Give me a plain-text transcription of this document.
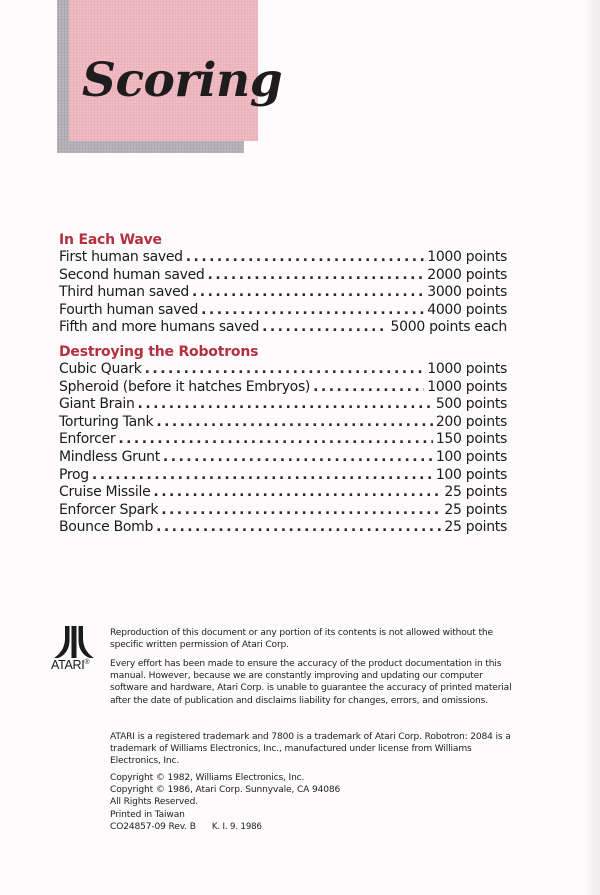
Scoring
In Each Wave
First human saved . . .	1000 points
Second human saved . . .	2000 points
Third human saved . . .	3000 points
Fourth human saved . . .	4000 points
Fifth and more humans saved . . .	5000 points each
Destroying the Robotrons
Cubic Quark . . .	1000 points
Spheroid (before it hatches Embryos) . . .	1000 points
Giant Brain . . .	500 points
Torturing Tank . . .	200 points
Enforcer . . .	150 points
Mindless Grunt . . .	100 points
Prog . . .	100 points
Cruise Missile . . .	25 points
Enforcer Spark . . .	25 points
Bounce Bomb . . .	25 points
ATARI®

Reproduction of this document or any portion of its contents is not allowed without the specific written permission of Atari Corp.

Every effort has been made to ensure the accuracy of the product documentation in this manual. However, because we are constantly improving and updating our computer software and hardware, Atari Corp. is unable to guarantee the accuracy of printed material after the date of publication and disclaims liability for changes, errors, and omissions.

ATARI is a registered trademark and 7800 is a trademark of Atari Corp. Robotron: 2084 is a trademark of Williams Electronics, Inc., manufactured under license from Williams Electronics, Inc.

Copyright © 1982, Williams Electronics, Inc.

Copyright © 1986, Atari Corp. Sunnyvale, CA 94086

All Rights Reserved.

Printed in Taiwan

CO24857-09 Rev. B K. I. 9. 1986
